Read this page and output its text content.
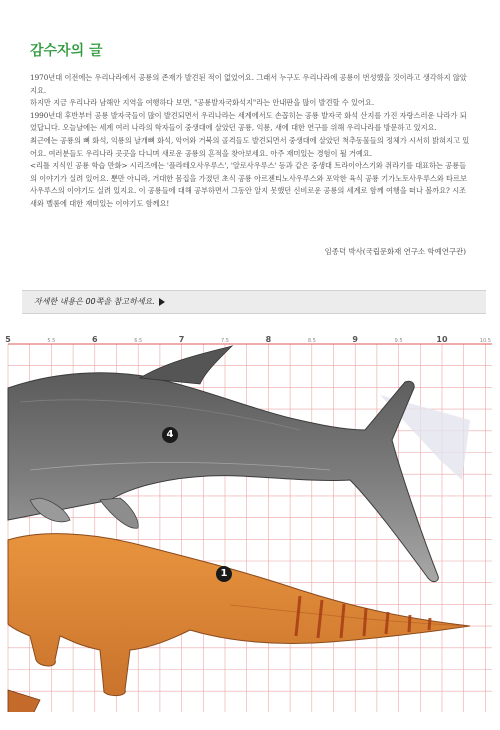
감수자의 글

1970년대 이전에는 우리나라에서 공룡의 존재가 발견된 적이 없었어요. 그래서 누구도 우리나라에 공룡이 번성했을 것이라고 생각하지 않았지요.

하지만 지금 우리나라 남해안 지역을 여행하다 보면, "공룡발자국화석지"라는 안내판을 많이 발견할 수 있어요.

1990년대 후반부터 공룡 발자국들이 많이 발견되면서 우리나라는 세계에서도 손꼽히는 공룡 발자국 화석 산지를 가진 자랑스러운 나라가 되었답니다. 오늘날에는 세계 여러 나라의 학자들이 중생대에 살았던 공룡, 익룡, 새에 대한 연구를 위해 우리나라를 방문하고 있지요.

최근에는 공룡의 뼈 화석, 익룡의 날개뼈 화석, 악어와 거북의 골격들도 발견되면서 중생대에 살았던 척추동물들의 정체가 시서히 밝혀지고 있어요. 여러분들도 우리나라 곳곳을 다니며 새로운 공룡의 흔적을 찾아보세요. 아주 재미있는 경험이 될 거예요.

<리틀 지식인 공룡 학습 만화> 시리즈에는 '플라테오사우루스', '알로사우루스' 등과 같은 중생대 트라이아스기와 쥐라기를 대표하는 공룡들의 이야기가 실려 있어요. 뿐만 아니라, 거대한 몸집을 가졌던 초식 공룡 아르젠티노사우루스와 포악한 육식 공룡 기가노토사우루스와 타르보사우루스의 이야기도 실려 있지요. 이 공룡들에 대해 공부하면서 그동안 알지 못했던 신비로운 공룡의 세계로 함께 여행을 떠나 볼까요? 시조새와 벨롬에 대한 재미있는 이야기도 함께요!

임종덕 박사(국립문화재 연구소 학예연구관)
자세한 내용은 00쪽을 참고하세요.
5	5.5	6	6.5	7	7.5	8	8.5	9	9.5	10	10.5
4
1
